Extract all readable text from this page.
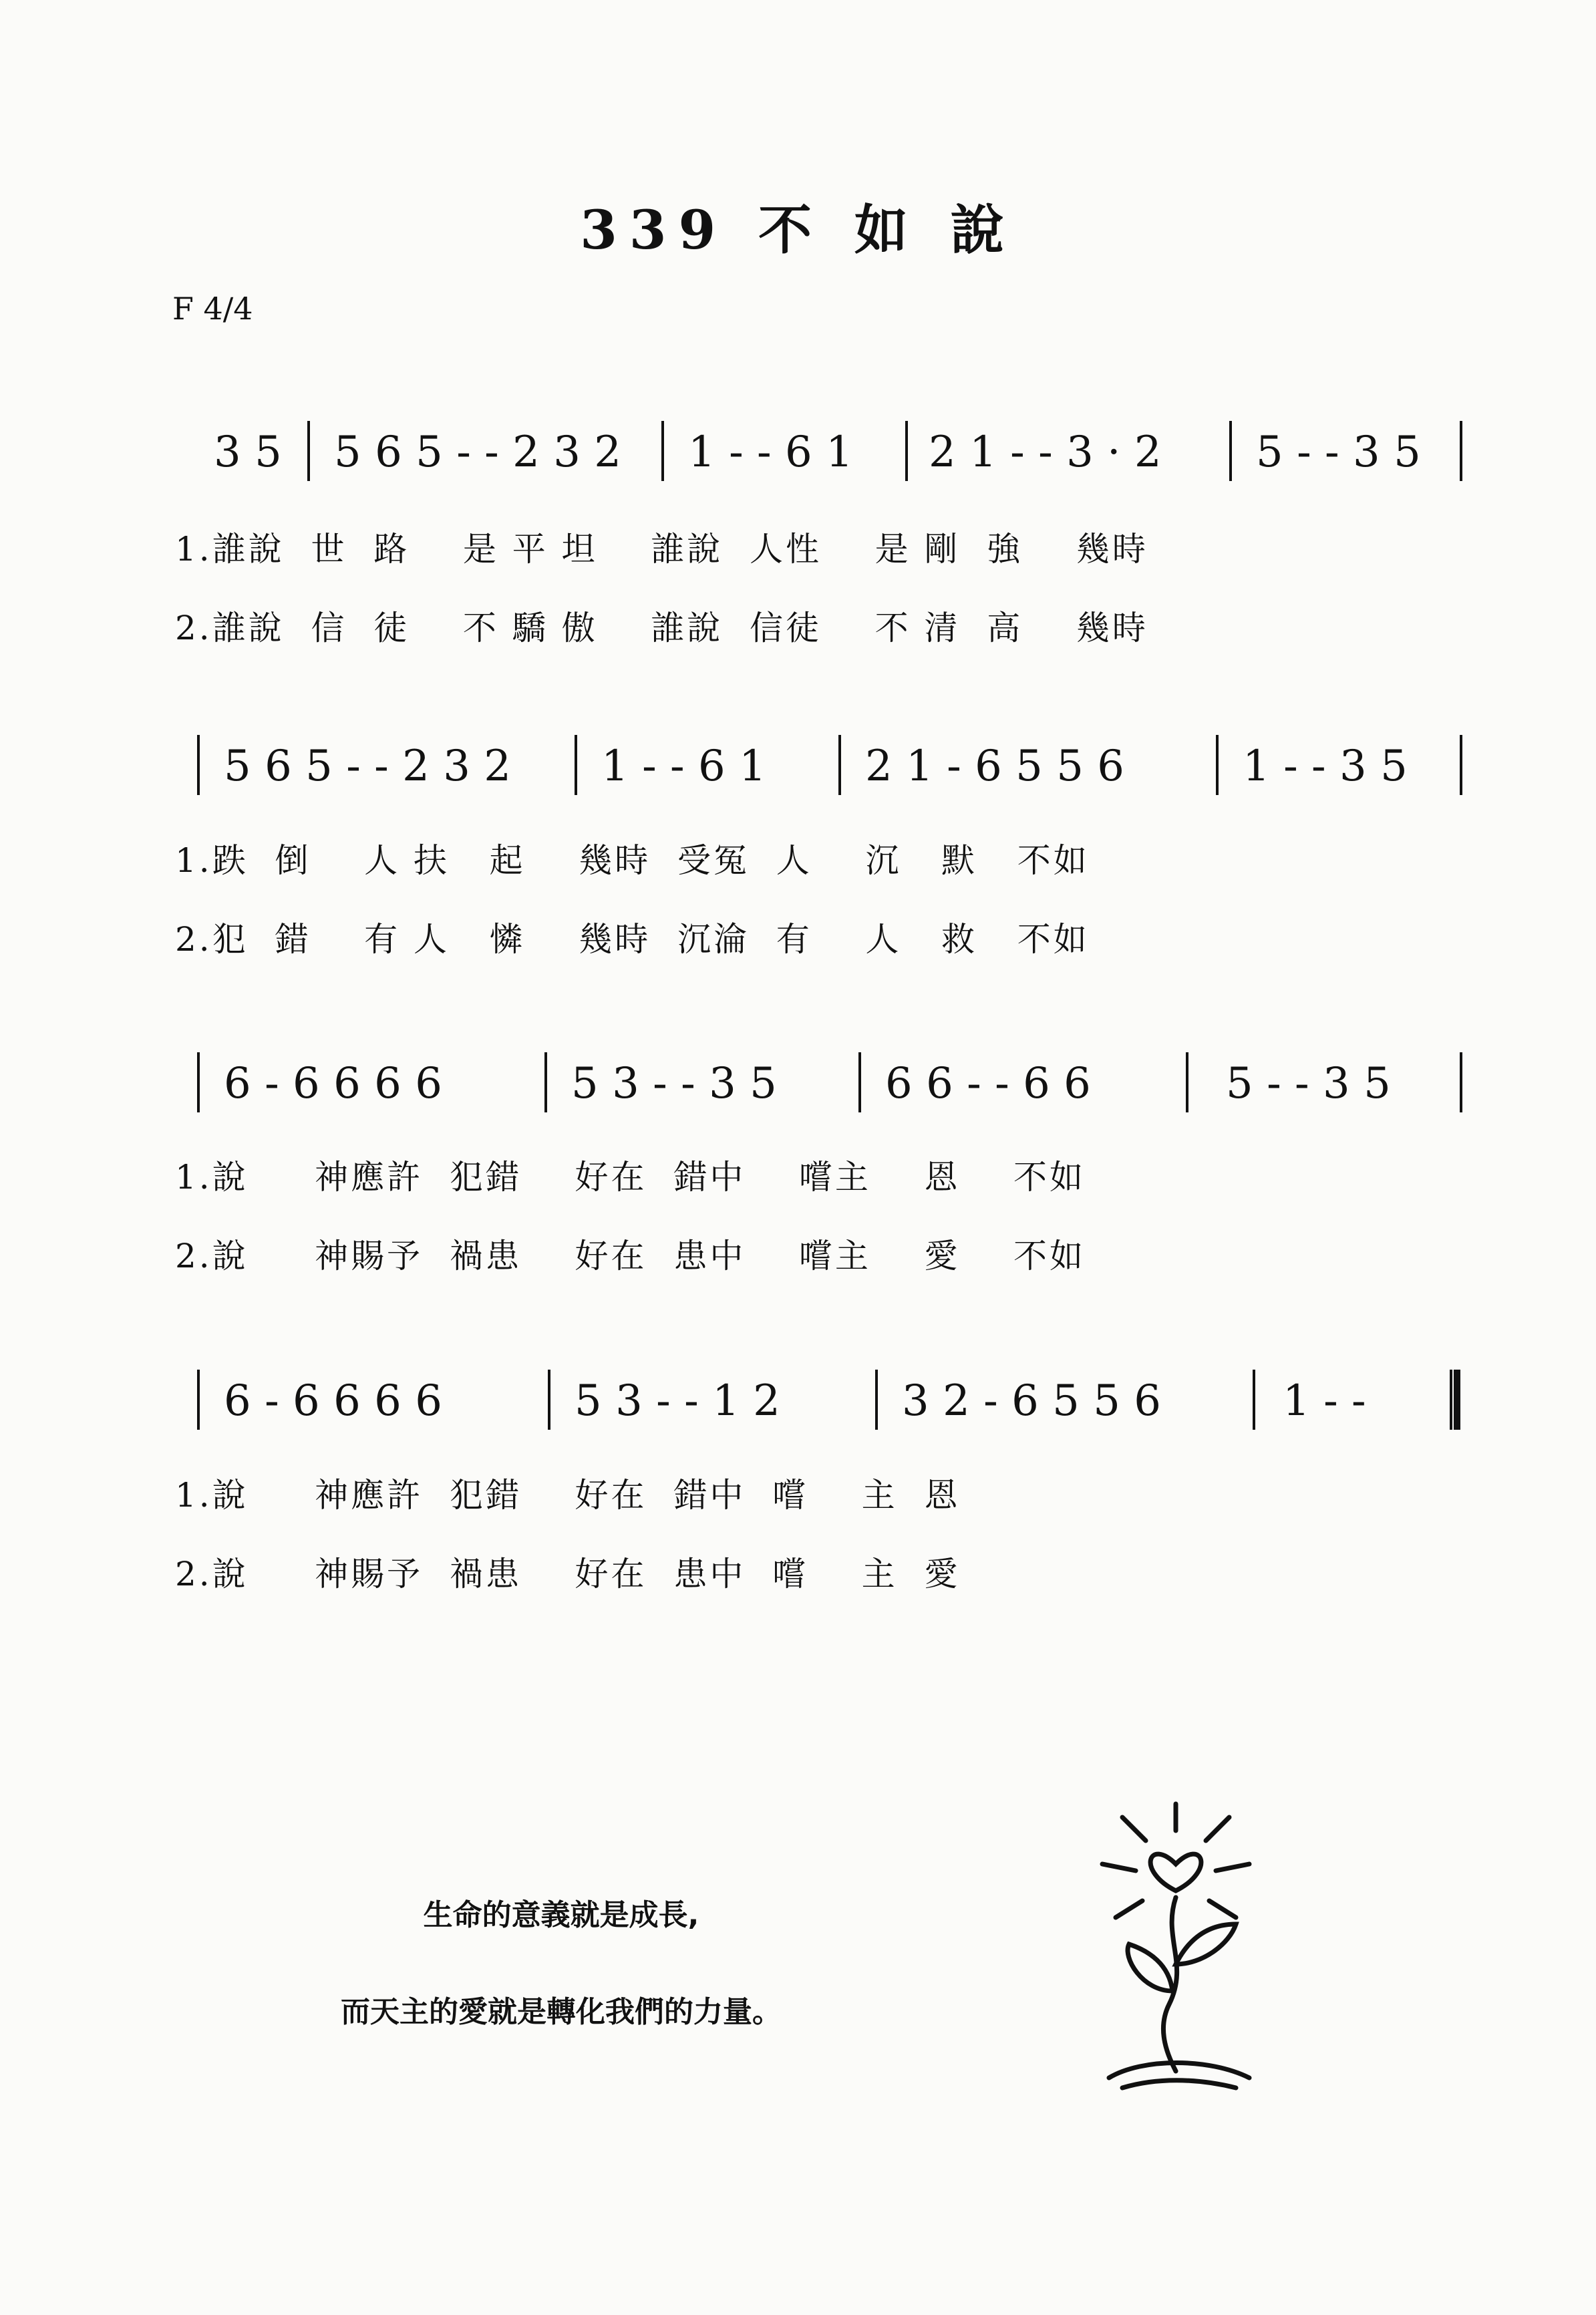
339 不 如 說
F 4/4
3 5 5 6 5 - - 2 3 2 1 - - 6 1 2 1 - - 3 · 2 5 - - 3 5
1.誰說  世  路    是 平 坦    誰說  人性    是 剛  強    幾時
2.誰說  信  徒    不 驕 傲    誰說  信徒    不 清  高    幾時
5 6 5 - - 2 3 2 1 - - 6 1 2 1 - 6 5 5 6	1 - - 3 5
1.跌  倒    人 扶   起    幾時  受冤  人    沉   默   不如
2.犯  錯    有 人   憐    幾時  沉淪  有    人   救   不如
6 - 6 6 6 6	5 3 - - 3 5	6 6 - - 6 6	5 - - 3 5
1.說     神應許  犯錯    好在  錯中    嚐主    恩    不如
2.說     神賜予  禍患    好在  患中    嚐主    愛    不如
6 - 6 6 6 6	5 3 - - 1 2	3 2 - 6 5 5 6	1 - -
1.說     神應許  犯錯    好在  錯中  嚐    主  恩
2.說     神賜予  禍患    好在  患中  嚐    主  愛
生命的意義就是成長,
而天主的愛就是轉化我們的力量。
